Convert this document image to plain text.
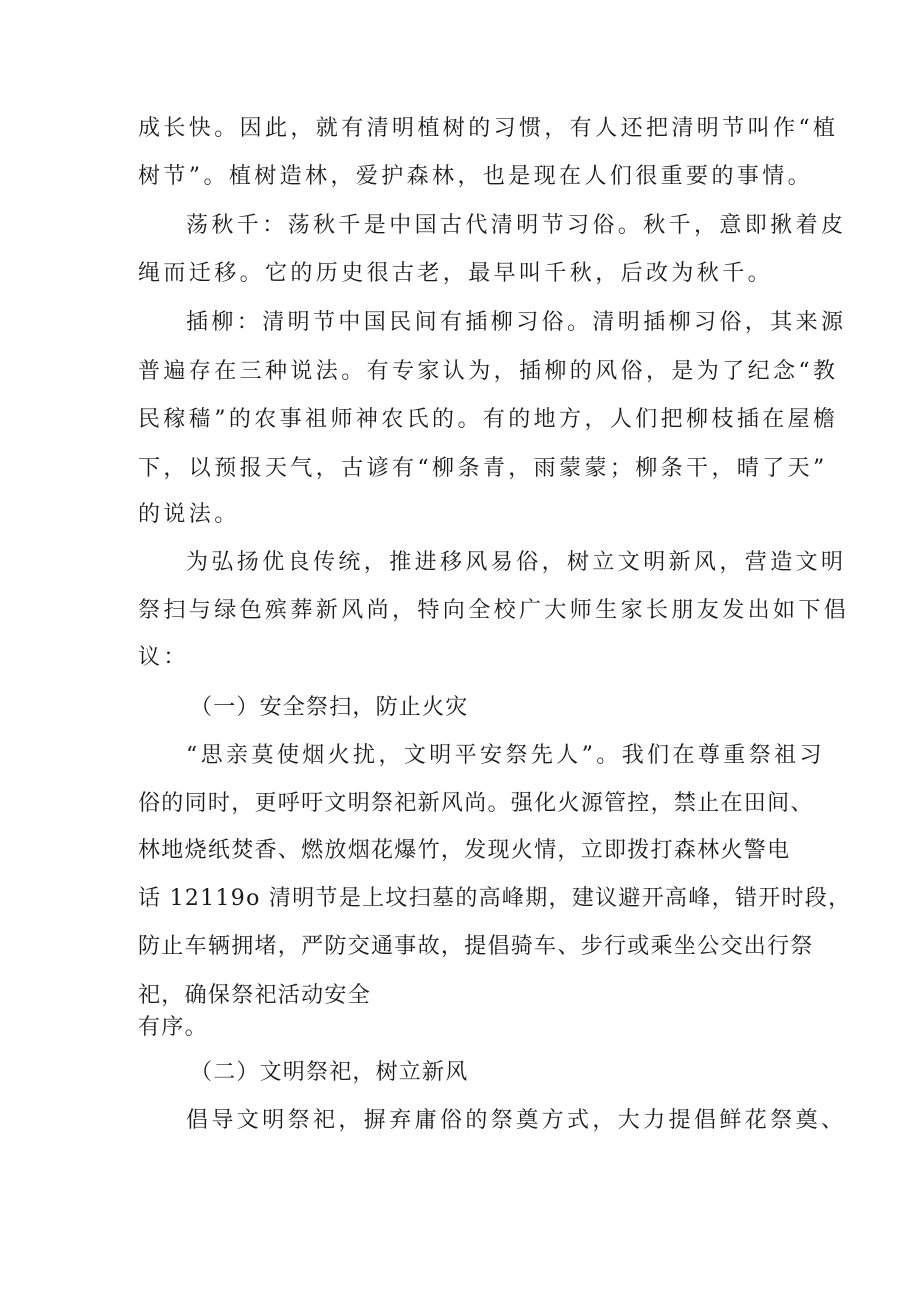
成长快。因此，就有清明植树的习惯，有人还把清明节叫作“植
树节”。植树造林，爱护森林，也是现在人们很重要的事情。
荡秋千：荡秋千是中国古代清明节习俗。秋千，意即揪着皮
绳而迁移。它的历史很古老，最早叫千秋，后改为秋千。
插柳：清明节中国民间有插柳习俗。清明插柳习俗，其来源
普遍存在三种说法。有专家认为，插柳的风俗，是为了纪念“教
民稼穑”的农事祖师神农氏的。有的地方，人们把柳枝插在屋檐
下，以预报天气，古谚有“柳条青，雨蒙蒙；柳条干，晴了天”
的说法。
为弘扬优良传统，推进移风易俗，树立文明新风，营造文明
祭扫与绿色殡葬新风尚，特向全校广大师生家长朋友发出如下倡
议：
（一）安全祭扫，防止火灾
“思亲莫使烟火扰，文明平安祭先人”。我们在尊重祭祖习
俗的同时，更呼吁文明祭祀新风尚。强化火源管控，禁止在田间、
林地烧纸焚香、燃放烟花爆竹，发现火情，立即拨打森林火警电
话 12119o 清明节是上坟扫墓的高峰期，建议避开高峰，错开时段，
防止车辆拥堵，严防交通事故，提倡骑车、步行或乘坐公交出行祭
祀，确保祭祀活动安全
有序。
（二）文明祭祀，树立新风
倡导文明祭祀，摒弃庸俗的祭奠方式，大力提倡鲜花祭奠、
